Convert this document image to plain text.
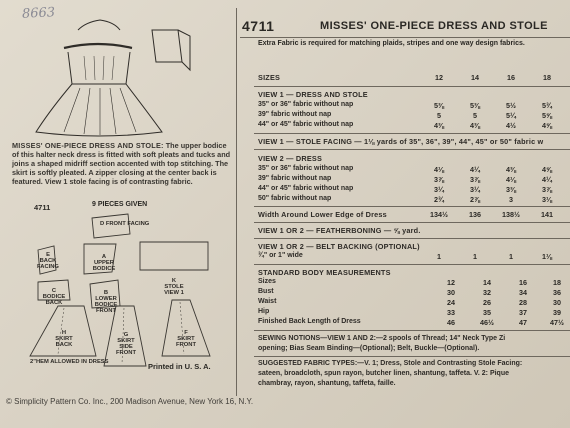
8663

D FRONT FACING

E
BACK
FACING

A
UPPER
BODICE

C
BODICE
BACK

B
LOWER
BODICE
FRONT

K
STOLE
VIEW 1

H
SKIRT
BACK

G
SKIRT
SIDE
FRONT

F
SKIRT
FRONT

2"HEM ALLOWED IN DRESS
MISSES' ONE-PIECE DRESS AND STOLE: The upper bodice of this halter neck dress is fitted with soft pleats and tucks and joins a shaped midriff section accented with top stitching. The skirt is softly pleated. A zipper closing at the center back is featured. View 1 stole facing is of contrasting fabric.
4711	9 PIECES GIVEN
Printed in U. S. A.
© Simplicity Pattern Co. Inc., 200 Madison Avenue, New York 16, N.Y.
4711	MISSES' ONE-PIECE DRESS AND STOLE
Extra Fabric is required for matching plaids, stripes and one way design fabrics.
SIZES	12	14	16	18
VIEW 1 — DRESS AND STOLE
35" or 36" fabric without nap	5⅜	5⅜	5½	5¾
39" fabric without nap	5	5	5¼	5⅝
44" or 45" fabric without nap	4⅜	4⅜	4½	4⅝
VIEW 1 — STOLE FACING — 1⅛ yards of 35", 36", 39", 44", 45" or 50" fabric w
VIEW 2 — DRESS
35" or 36" fabric without nap	4⅛	4¼	4⅜	4⅝
39" fabric without nap	3⅞	3⅞	4⅛	4¼
44" or 45" fabric without nap	3¼	3¼	3⅜	3⅞
50" fabric without nap	2¾	2⅞	3	3⅛
Width Around Lower Edge of Dress	134½	136	138½	141
VIEW 1 OR 2 — FEATHERBONING — ⅝ yard.
VIEW 1 OR 2 — BELT BACKING (OPTIONAL)
¾" or 1" wide	1	1	1	1⅛
STANDARD BODY MEASUREMENTS
Sizes	12	14	16	18
Bust	30	32	34	36
Waist	24	26	28	30
Hip	33	35	37	39
Finished Back Length of Dress	46	46½	47	47½
SEWING NOTIONS—VIEW 1 AND 2:—2 spools of Thread; 14" Neck Type Zi
opening; Bias Seam Binding—(Optional); Belt, Buckle—(Optional).
SUGGESTED FABRIC TYPES:—V. 1; Dress, Stole and Contrasting Stole Facing:
sateen, broadcloth, spun rayon, butcher linen, shantung, taffeta. V. 2: Pique
chambray, rayon, shantung, taffeta, faille.
